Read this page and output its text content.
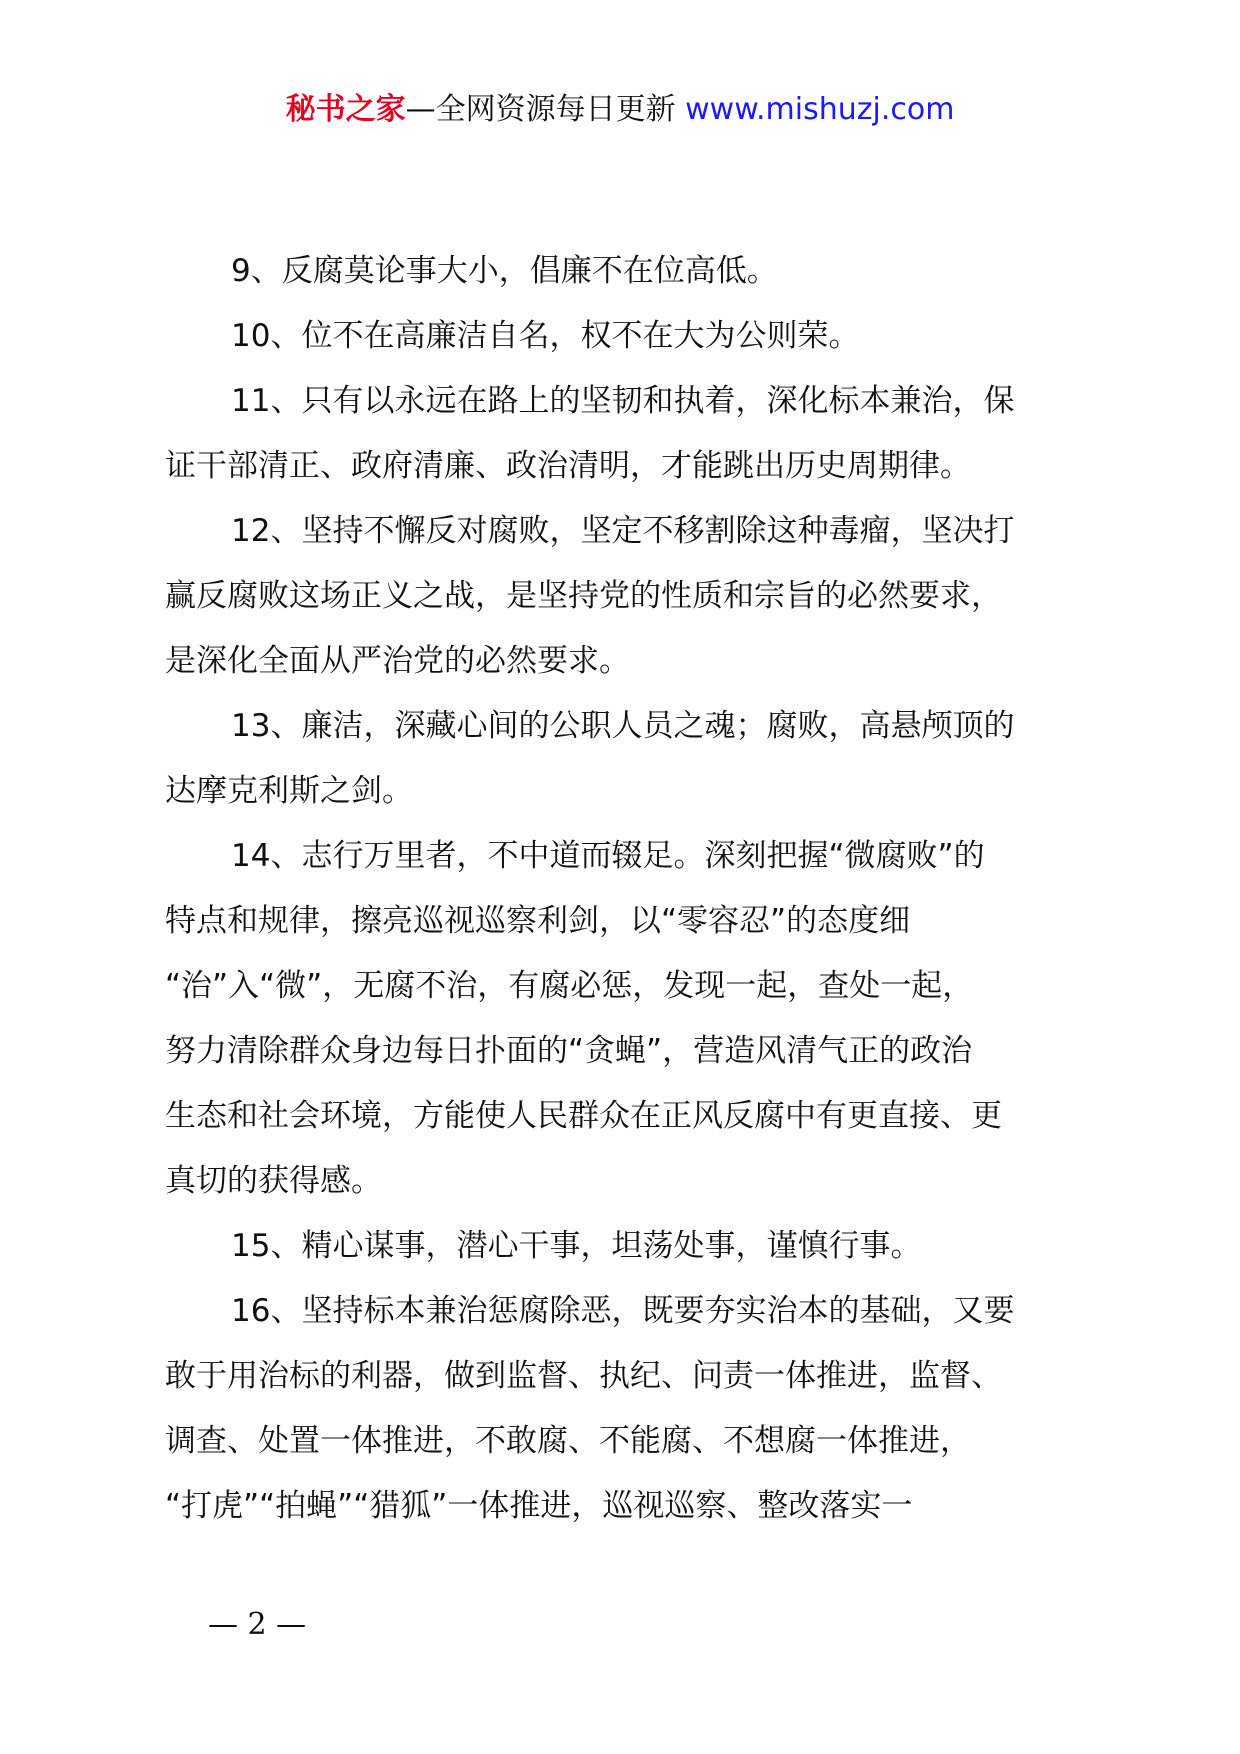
秘书之家—全网资源每日更新 www.mishuzj.com

9、反腐莫论事大小，倡廉不在位高低。

10、位不在高廉洁自名，权不在大为公则荣。

11、只有以永远在路上的坚韧和执着，深化标本兼治，保
证干部清正、政府清廉、政治清明，才能跳出历史周期律。

12、坚持不懈反对腐败，坚定不移割除这种毒瘤，坚决打
赢反腐败这场正义之战，是坚持党的性质和宗旨的必然要求，
是深化全面从严治党的必然要求。

13、廉洁，深藏心间的公职人员之魂；腐败，高悬颅顶的
达摩克利斯之剑。

14、志行万里者，不中道而辍足。深刻把握“微腐败”的
特点和规律，擦亮巡视巡察利剑，以“零容忍”的态度细
“治”入“微”，无腐不治，有腐必惩，发现一起，查处一起，
努力清除群众身边每日扑面的“贪蝇”，营造风清气正的政治
生态和社会环境，方能使人民群众在正风反腐中有更直接、更
真切的获得感。

15、精心谋事，潜心干事，坦荡处事，谨慎行事。

16、坚持标本兼治惩腐除恶，既要夯实治本的基础，又要
敢于用治标的利器，做到监督、执纪、问责一体推进，监督、
调查、处置一体推进，不敢腐、不能腐、不想腐一体推进，
“打虎”“拍蝇”“猎狐”一体推进，巡视巡察、整改落实一

— 2 —
